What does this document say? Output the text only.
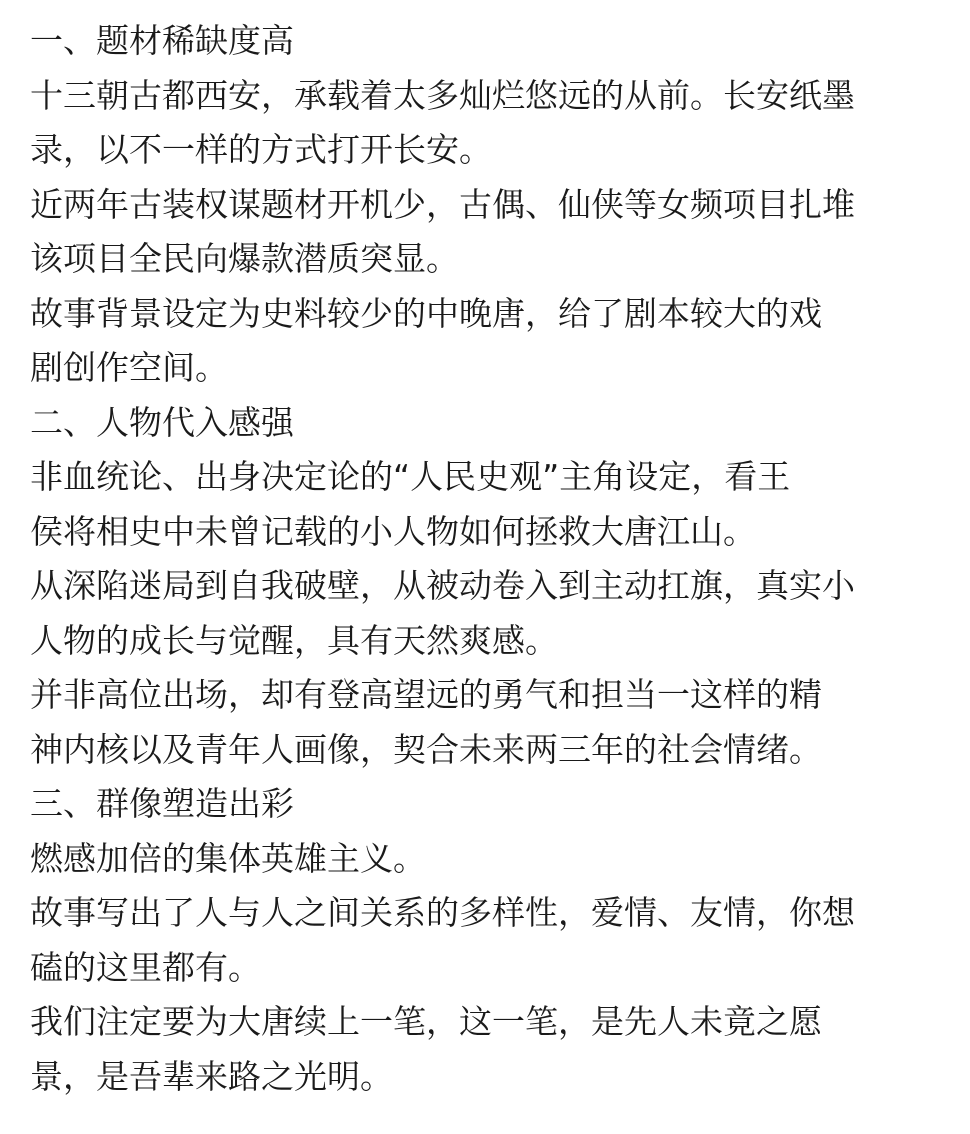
一、题材稀缺度高
十三朝古都西安，承载着太多灿烂悠远的从前。长安纸墨
录，以不一样的方式打开长安。
近两年古装权谋题材开机少，古偶、仙侠等女频项目扎堆
该项目全民向爆款潜质突显。
故事背景设定为史料较少的中晚唐，给了剧本较大的戏
剧创作空间。
二、人物代入感强
非血统论、出身决定论的“人民史观”主角设定，看王
侯将相史中未曾记载的小人物如何拯救大唐江山。
从深陷迷局到自我破壁，从被动卷入到主动扛旗，真实小
人物的成长与觉醒，具有天然爽感。
并非高位出场，却有登高望远的勇气和担当一这样的精
神内核以及青年人画像，契合未来两三年的社会情绪。
三、群像塑造出彩
燃感加倍的集体英雄主义。
故事写出了人与人之间关系的多样性，爱情、友情，你想
磕的这里都有。
我们注定要为大唐续上一笔，这一笔，是先人未竟之愿
景，是吾辈来路之光明。
